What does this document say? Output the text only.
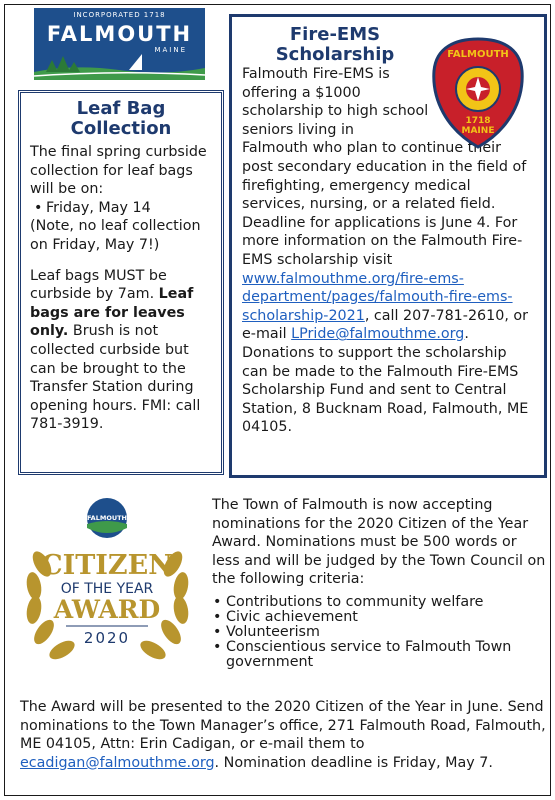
INCORPORATED 1718
FALMOUTH
MAINE
Leaf Bag Collection

The final spring curbside collection for leaf bags will be on:

• Friday, May 14

(Note, no leaf collection on Friday, May 7!)

Leaf bags MUST be curbside by 7am. Leaf bags are for leaves only. Brush is not collected curbside but can be brought to the Transfer Station during opening hours. FMI: call 781-3919.

Fire-EMS Scholarship

Falmouth Fire-EMS is offering a $1000 scholarship to high school seniors living in

Falmouth who plan to continue their post secondary education in the field of firefighting, emergency medical services, nursing, or a related field. Deadline for applications is June 4. For more information on the Falmouth Fire-EMS scholarship visit www.falmouthme.org/fire-ems-department/pages/falmouth-fire-ems-scholarship-2021, call 207-781-2610, or e-mail LPride@falmouthme.org. Donations to support the scholarship can be made to the Falmouth Fire-EMS Scholarship Fund and sent to Central Station, 8 Bucknam Road, Falmouth, ME 04105.

FALMOUTH
1718
MAINE
FALMOUTH
CITIZEN
OF THE YEAR
AWARD
2020

The Town of Falmouth is now accepting nominations for the 2020 Citizen of the Year Award. Nominations must be 500 words or less and will be judged by the Town Council on the following criteria:

• Contributions to community welfare
• Civic achievement
• Volunteerism
• Conscientious service to Falmouth Town government

The Award will be presented to the 2020 Citizen of the Year in June. Send nominations to the Town Manager’s office, 271 Falmouth Road, Falmouth, ME 04105, Attn: Erin Cadigan, or e-mail them to ecadigan@falmouthme.org. Nomination deadline is Friday, May 7.
